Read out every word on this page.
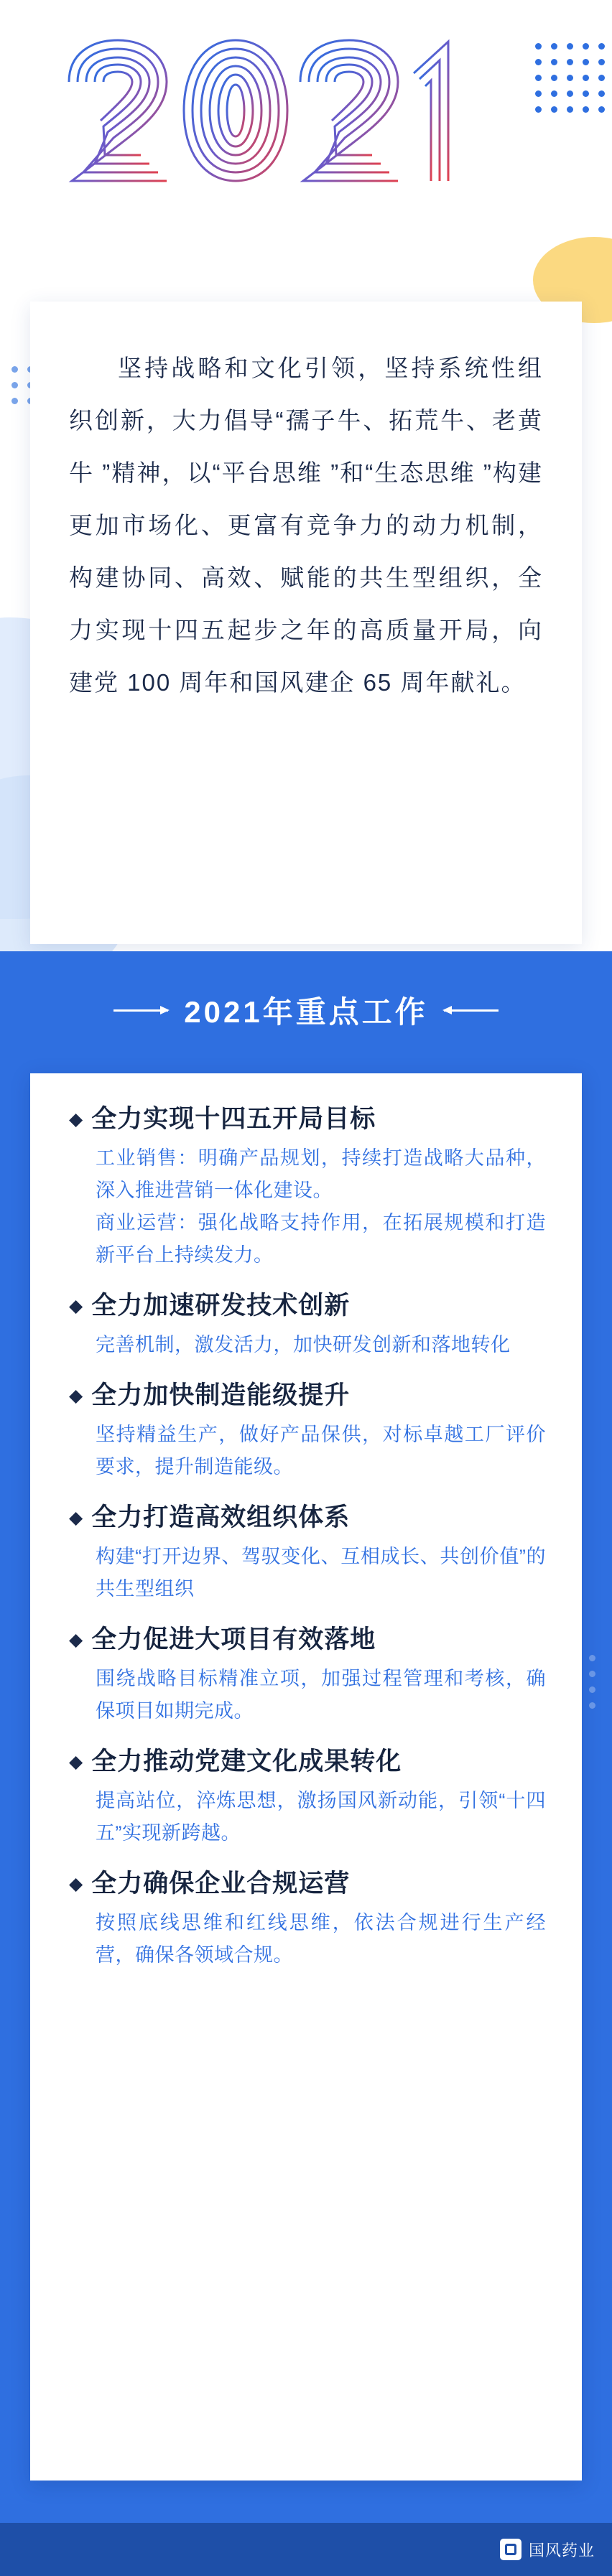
坚持战略和文化引领，坚持系统性组织创新，大力倡导“孺子牛、拓荒牛、老黄牛 ”精神，以“平台思维 ”和“生态思维 ”构建更加市场化、更富有竞争力的动力机制，构建协同、高效、赋能的共生型组织，全力实现十四五起步之年的高质量开局，向建党 100 周年和国风建企 65 周年献礼。

2021年重点工作
◆ 全力实现十四五开局目标

工业销售：明确产品规划，持续打造战略大品种，深入推进营销一体化建设。

商业运营：强化战略支持作用，在拓展规模和打造新平台上持续发力。

◆ 全力加速研发技术创新

完善机制，激发活力，加快研发创新和落地转化

◆ 全力加快制造能级提升

坚持精益生产，做好产品保供，对标卓越工厂评价要求，提升制造能级。

◆ 全力打造高效组织体系

构建“打开边界、驾驭变化、互相成长、共创价值”的共生型组织

◆ 全力促进大项目有效落地

围绕战略目标精准立项，加强过程管理和考核，确保项目如期完成。

◆ 全力推动党建文化成果转化

提高站位，淬炼思想，激扬国风新动能，引领“十四五”实现新跨越。

◆ 全力确保企业合规运营

按照底线思维和红线思维，依法合规进行生产经营，确保各领域合规。

国风药业
